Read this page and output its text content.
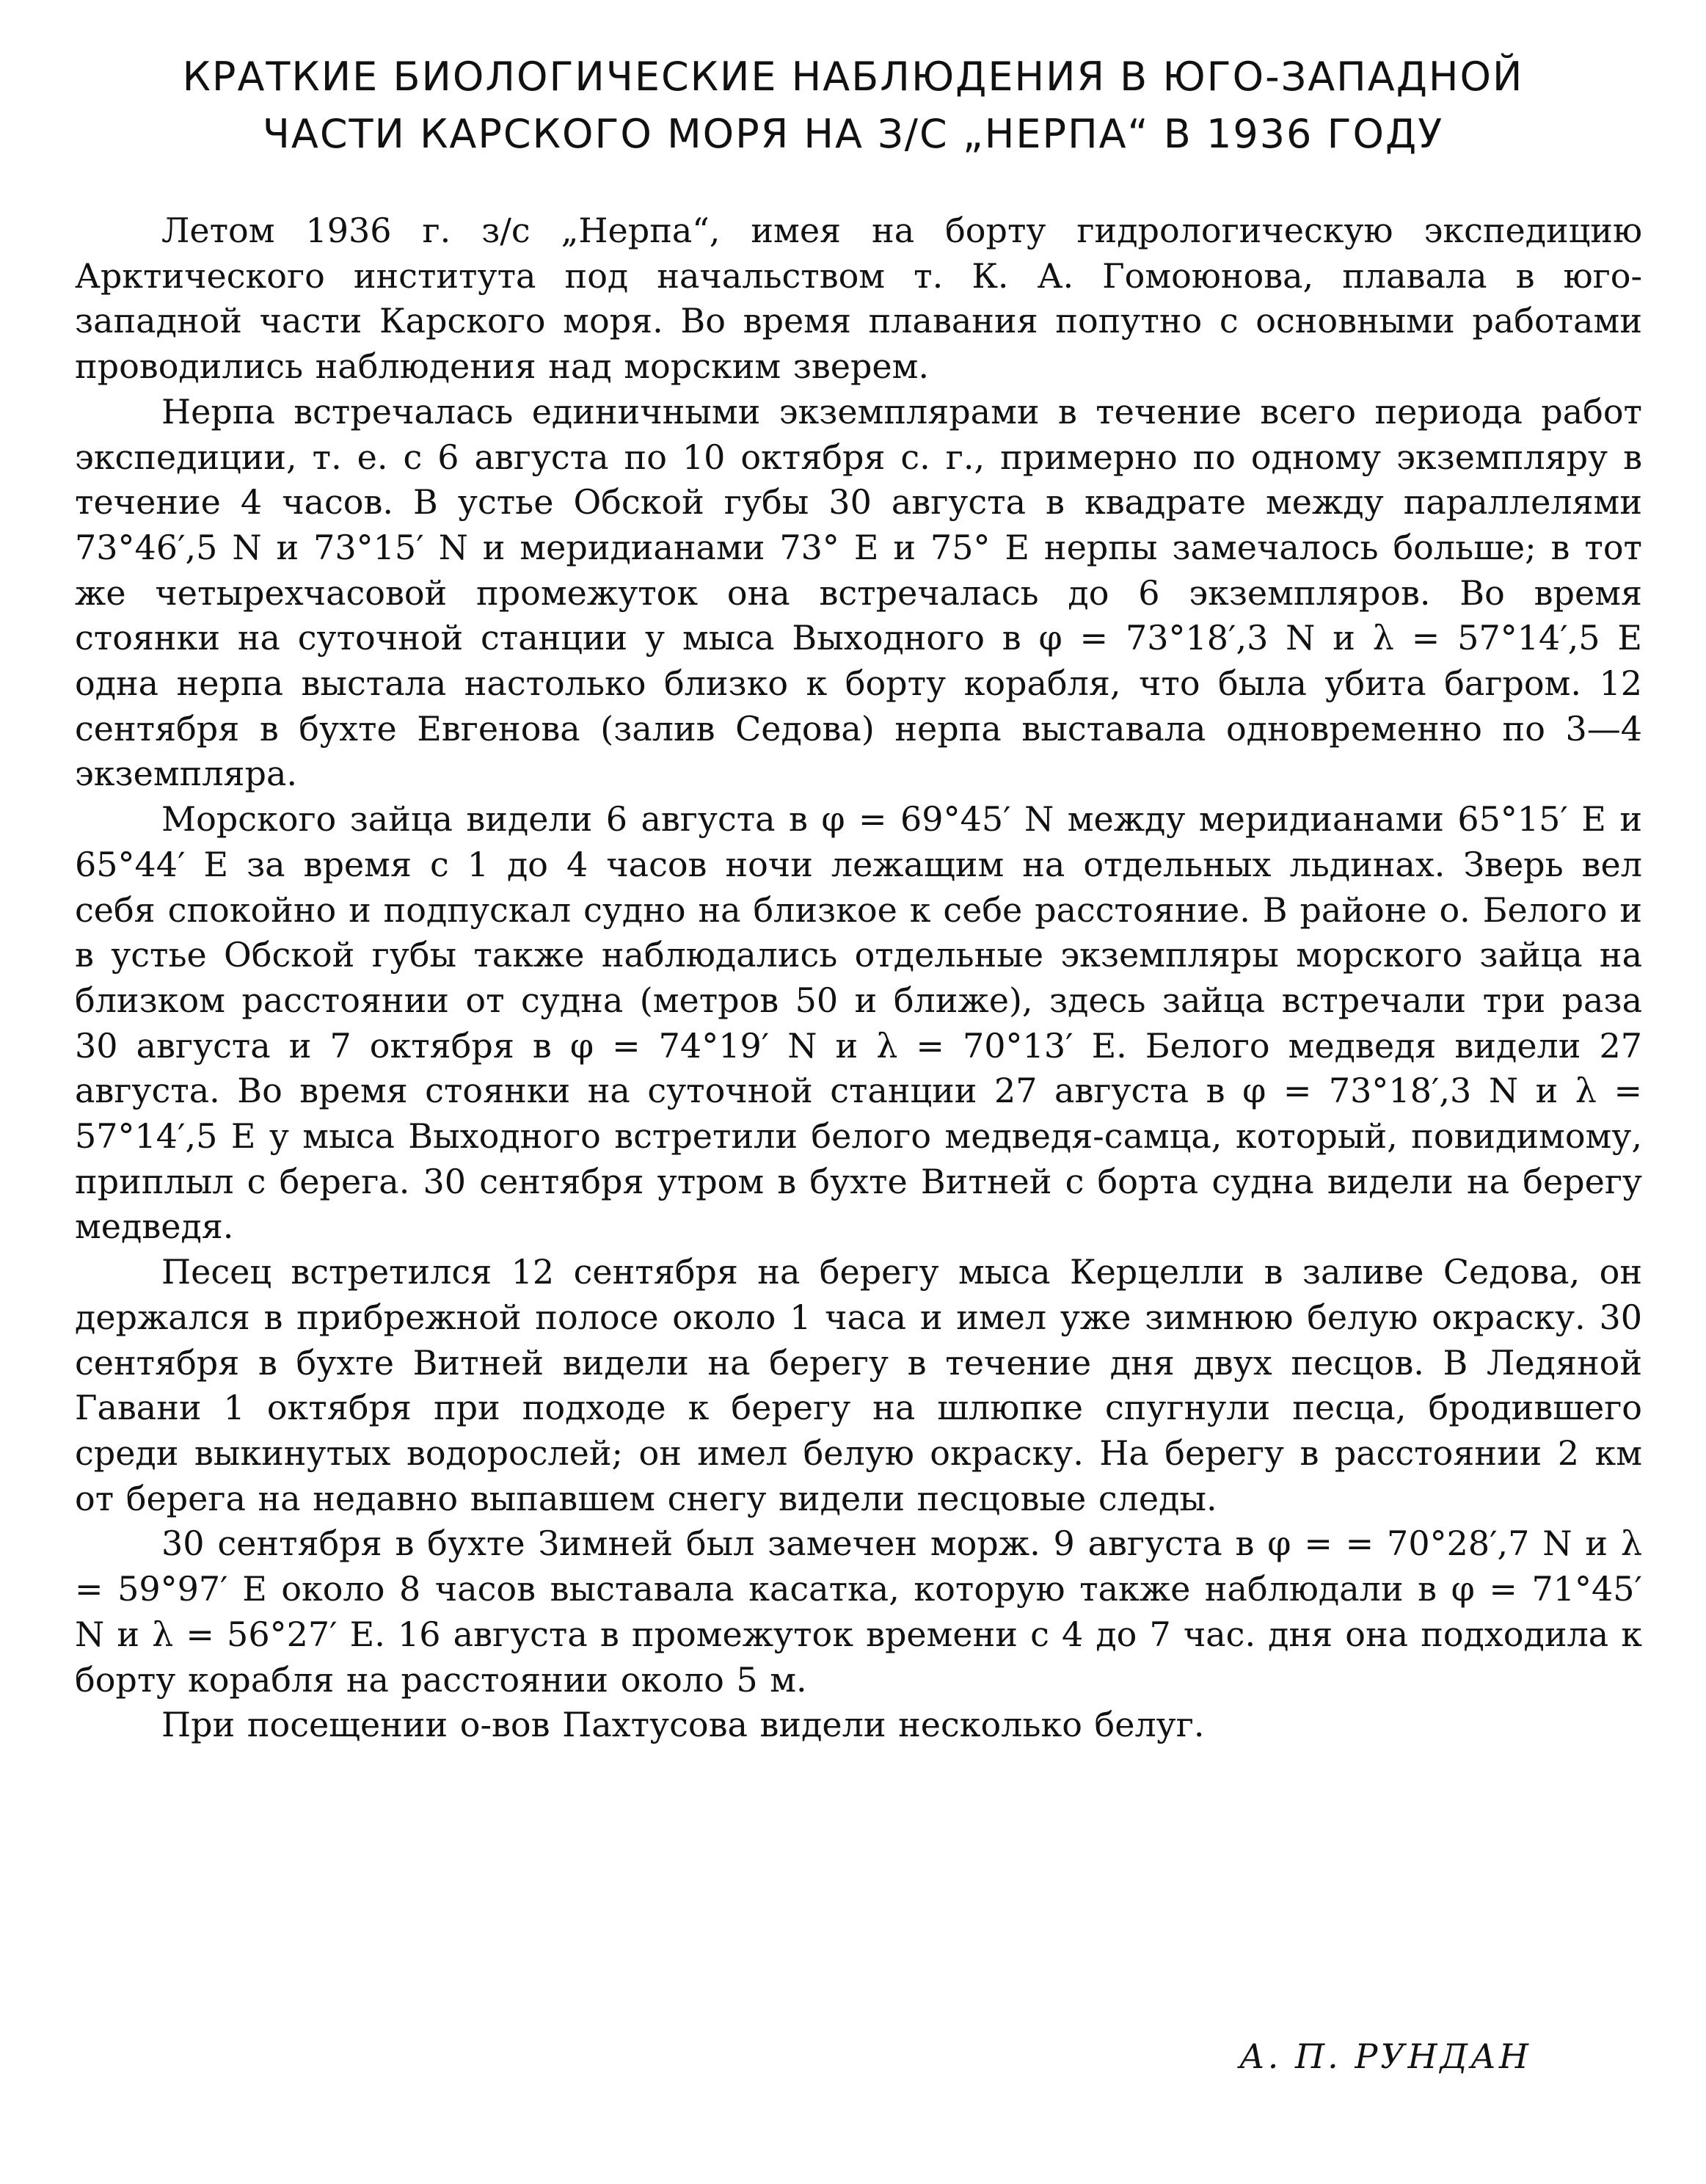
КРАТКИЕ БИОЛОГИЧЕСКИЕ НАБЛЮДЕНИЯ В ЮГО-ЗАПАДНОЙ
ЧАСТИ КАРСКОГО МОРЯ НА З/С „НЕРПА“ В 1936 ГОДУ

Летом 1936 г. з/с „Нерпа“, имея на борту гидрологическую экспедицию Арктического института под начальством т. К. А. Гомоюнова, плавала в юго-западной части Карского моря. Во время плавания попутно с основными работами проводились наблюдения над морским зверем.

Нерпа встречалась единичными экземплярами в течение всего периода работ экспедиции, т. е. с 6 августа по 10 октября с. г., примерно по одному экземпляру в течение 4 часов. В устье Обской губы 30 августа в квадрате между параллелями 73°46′,5 N и 73°15′ N и меридианами 73° E и 75° E нерпы замечалось больше; в тот же четырехчасовой промежуток она встречалась до 6 экземпляров. Во время стоянки на суточной станции у мыса Выходного в φ = 73°18′,3 N и λ = 57°14′,5 E одна нерпа выстала настолько близко к борту корабля, что была убита багром. 12 сентября в бухте Евгенова (залив Седова) нерпа выставала одновременно по 3—4 экземпляра.

Морского зайца видели 6 августа в φ = 69°45′ N между меридианами 65°15′ E и 65°44′ E за время с 1 до 4 часов ночи лежащим на отдельных льдинах. Зверь вел себя спокойно и подпускал судно на близкое к себе расстояние. В районе о. Белого и в устье Обской губы также наблюдались отдельные экземпляры морского зайца на близком расстоянии от судна (метров 50 и ближе), здесь зайца встречали три раза 30 августа и 7 октября в φ = 74°19′ N и λ = 70°13′ E. Белого медведя видели 27 августа. Во время стоянки на суточной станции 27 августа в φ = 73°18′,3 N и λ = 57°14′,5 E у мыса Выходного встретили белого медведя-самца, который, повидимому, приплыл с берега. 30 сентября утром в бухте Витней с борта судна видели на берегу медведя.

Песец встретился 12 сентября на берегу мыса Керцелли в заливе Седова, он держался в прибрежной полосе около 1 часа и имел уже зимнюю белую окраску. 30 сентября в бухте Витней видели на берегу в течение дня двух песцов. В Ледяной Гавани 1 октября при подходе к берегу на шлюпке спугнули песца, бродившего среди выкинутых водорослей; он имел белую окраску. На берегу в расстоянии 2 км от берега на недавно выпавшем снегу видели песцовые следы.

30 сентября в бухте Зимней был замечен морж. 9 августа в φ = = 70°28′,7 N и λ = 59°97′ E около 8 часов выставала касатка, которую также наблюдали в φ = 71°45′ N и λ = 56°27′ E. 16 августа в промежуток времени с 4 до 7 час. дня она подходила к борту корабля на расстоянии около 5 м.

При посещении о-вов Пахтусова видели несколько белуг.

А. П. РУНДАН
